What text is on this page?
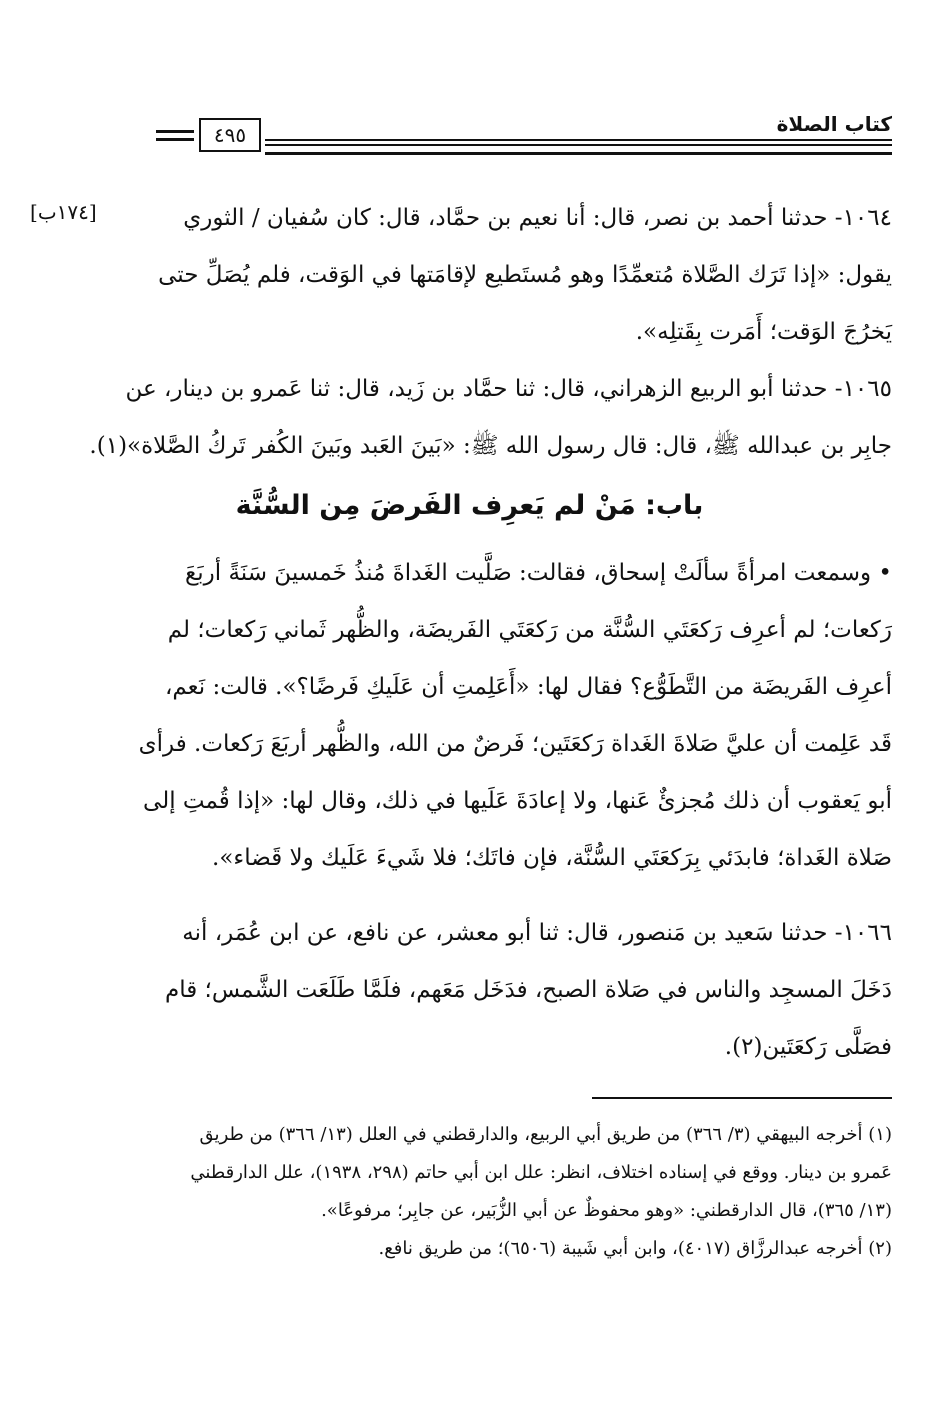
٤٩٥	كتاب الصلاة
[١٧٤ب]	١٠٦٤- حدثنا أحمد بن نصر، قال: أنا نعيم بن حمَّاد، قال: كان سُفيان / الثوري
يقول: «إذا تَرَك الصَّلاة مُتعمِّدًا وهو مُستَطيع لإقامَتها في الوَقت، فلم يُصَلِّ حتى
يَخرُجَ الوَقت؛ أَمَرت بِقَتلِه».
١٠٦٥- حدثنا أبو الربيع الزهراني، قال: ثنا حمَّاد بن زَيد، قال: ثنا عَمرو بن دينار، عن
جابِر بن عبدالله ﷺ، قال: قال رسول الله ﷺ: «بَينَ العَبد وبَينَ الكُفر تَركُ الصَّلاة»(١).
باب: مَنْ لم يَعرِف الفَرضَ مِن السُّنَّة
• وسمعت امرأةً سألَتْ إسحاق، فقالت: صَلَّيت الغَداةَ مُنذُ خَمسينَ سَنَةً أربَعَ
رَكعات؛ لم أعرِف رَكعَتَي السُّنَّة من رَكعَتَي الفَريضَة، والظُّهر ثَماني رَكعات؛ لم
أعرِف الفَريضَة من التَّطَوُّع؟ فقال لها: «أَعَلِمتِ أن عَلَيكِ فَرضًا؟». قالت: نَعم،
قَد عَلِمت أن عليَّ صَلاةَ الغَداة رَكعَتَين؛ فَرضٌ من الله، والظُّهر أربَعَ رَكعات. فرأى
أبو يَعقوب أن ذلك مُجزئٌ عَنها، ولا إعادَةَ عَلَيها في ذلك، وقال لها: «إذا قُمتِ إلى
صَلاة الغَداة؛ فابدَئي بِرَكعَتَي السُّنَّة، فإن فاتَك؛ فلا شَيءَ عَلَيك ولا قَضاء».
١٠٦٦- حدثنا سَعيد بن مَنصور، قال: ثنا أبو معشر، عن نافع، عن ابن عُمَر، أنه
دَخَلَ المسجِد والناس في صَلاة الصبح، فدَخَل مَعَهم، فلَمَّا طَلَعَت الشَّمس؛ قام
فصَلَّى رَكعَتَين(٢).
(١) أخرجه البيهقي (٣/ ٣٦٦) من طريق أبي الربيع، والدارقطني في العلل (١٣/ ٣٦٦) من طريق
عَمرو بن دينار. ووقع في إسناده اختلاف، انظر: علل ابن أبي حاتم (٢٩٨، ١٩٣٨)، علل الدارقطني
(١٣/ ٣٦٥)، قال الدارقطني: «وهو محفوظٌ عن أبي الزُّبَير، عن جابِر؛ مرفوعًا».
(٢) أخرجه عبدالرزَّاق (٤٠١٧)، وابن أبي شَيبة (٦٥٠٦)؛ من طريق نافع.
